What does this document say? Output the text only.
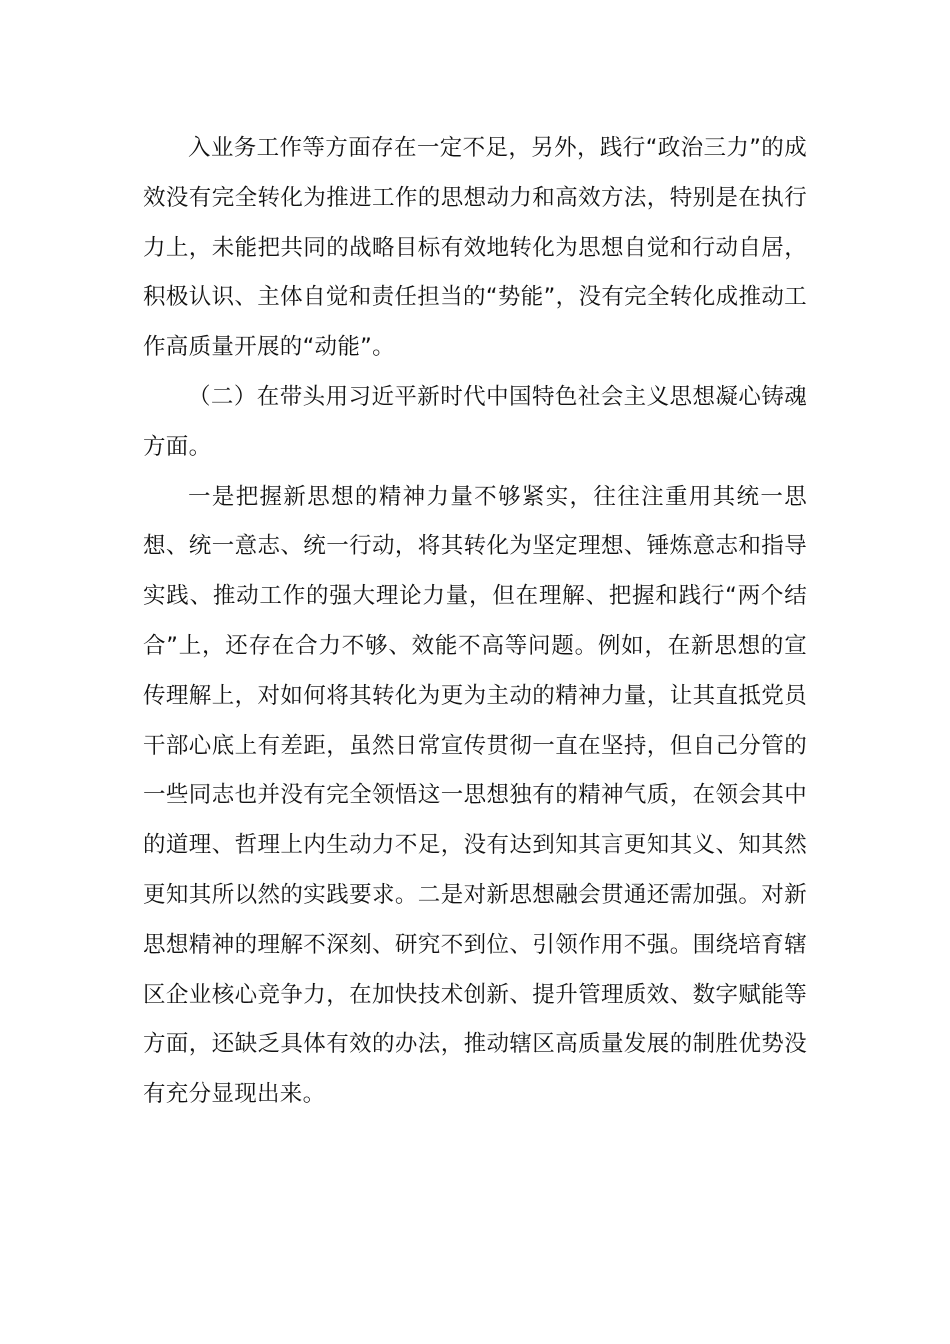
入业务工作等方面存在一定不足，另外，践行“政治三力”的成效没有完全转化为推进工作的思想动力和高效方法，特别是在执行力上，未能把共同的战略目标有效地转化为思想自觉和行动自居，积极认识、主体自觉和责任担当的“势能”，没有完全转化成推动工作高质量开展的“动能”。

（二）在带头用习近平新时代中国特色社会主义思想凝心铸魂方面。

一是把握新思想的精神力量不够紧实，往往注重用其统一思想、统一意志、统一行动，将其转化为坚定理想、锤炼意志和指导实践、推动工作的强大理论力量，但在理解、把握和践行“两个结合”上，还存在合力不够、效能不高等问题。例如，在新思想的宣传理解上，对如何将其转化为更为主动的精神力量，让其直抵党员干部心底上有差距，虽然日常宣传贯彻一直在坚持，但自己分管的一些同志也并没有完全领悟这一思想独有的精神气质，在领会其中的道理、哲理上内生动力不足，没有达到知其言更知其义、知其然更知其所以然的实践要求。二是对新思想融会贯通还需加强。对新思想精神的理解不深刻、研究不到位、引领作用不强。围绕培育辖区企业核心竞争力，在加快技术创新、提升管理质效、数字赋能等方面，还缺乏具体有效的办法，推动辖区高质量发展的制胜优势没有充分显现出来。
